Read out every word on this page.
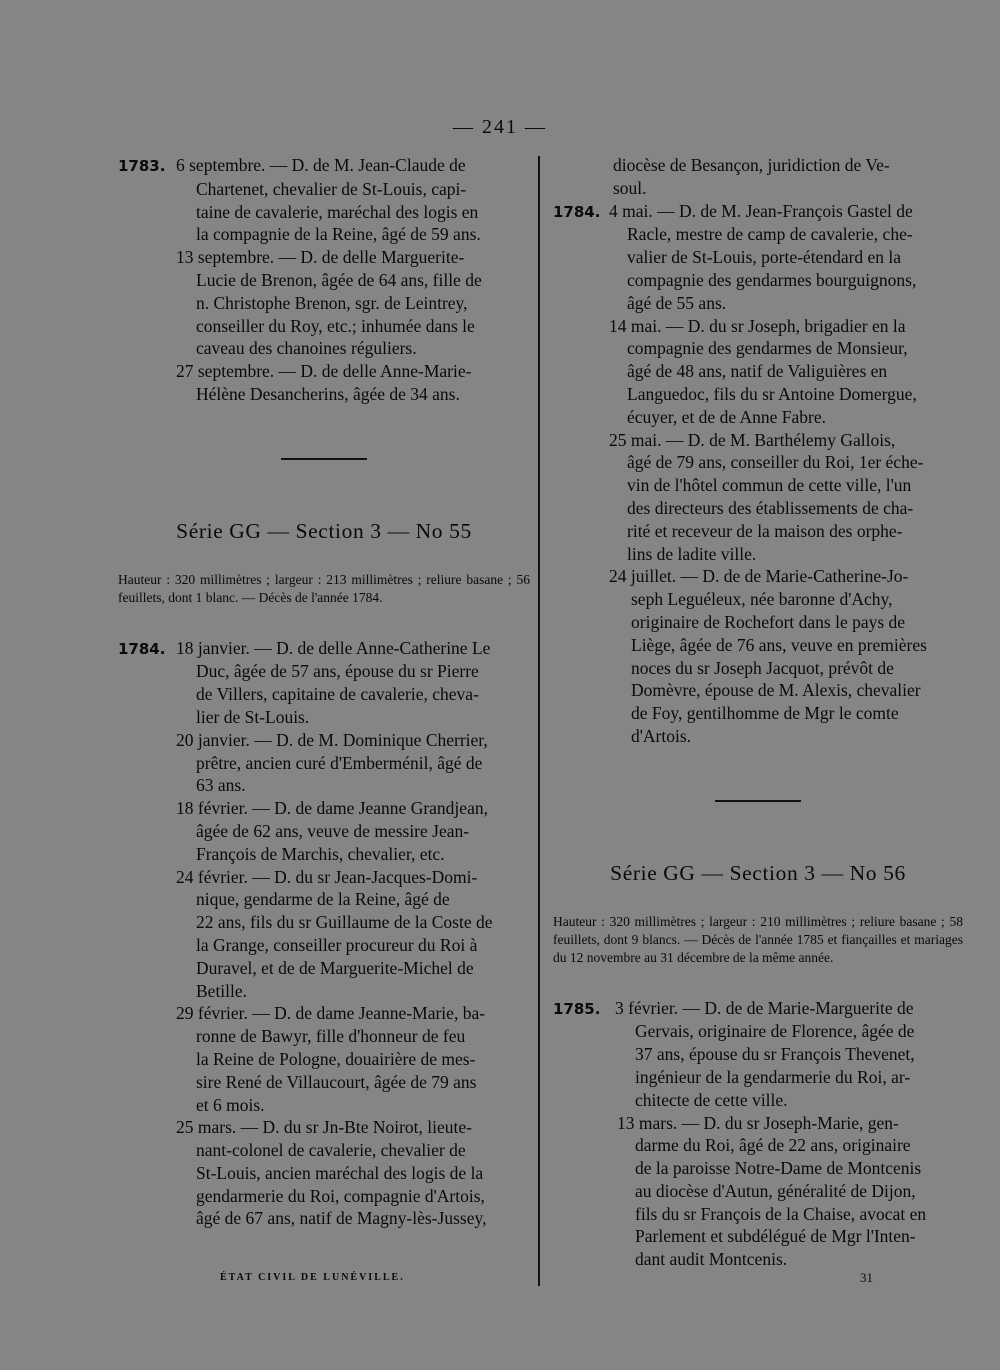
— 241 —
1783. 6 septembre. — D. de M. Jean-Claude de
Chartenet, chevalier de St-Louis, capi-
taine de cavalerie, maréchal des logis en
la compagnie de la Reine, âgé de 59 ans.
13 septembre. — D. de delle Marguerite-
Lucie de Brenon, âgée de 64 ans, fille de
n. Christophe Brenon, sgr. de Leintrey,
conseiller du Roy, etc.; inhumée dans le
caveau des chanoines réguliers.
27 septembre. — D. de delle Anne-Marie-
Hélène Desancherins, âgée de 34 ans.
Série GG — Section 3 — No 55
Hauteur : 320 millimètres ; largeur : 213 millimètres ; reliure basane ; 56 feuillets, dont 1 blanc. — Décès de l'année 1784.
1784. 18 janvier. — D. de delle Anne-Catherine Le
Duc, âgée de 57 ans, épouse du sr Pierre
de Villers, capitaine de cavalerie, cheva-
lier de St-Louis.
20 janvier. — D. de M. Dominique Cherrier,
prêtre, ancien curé d'Emberménil, âgé de
63 ans.
18 février. — D. de dame Jeanne Grandjean,
âgée de 62 ans, veuve de messire Jean-
François de Marchis, chevalier, etc.
24 février. — D. du sr Jean-Jacques-Domi-
nique, gendarme de la Reine, âgé de
22 ans, fils du sr Guillaume de la Coste de
la Grange, conseiller procureur du Roi à
Duravel, et de de Marguerite-Michel de
Betille.
29 février. — D. de dame Jeanne-Marie, ba-
ronne de Bawyr, fille d'honneur de feu
la Reine de Pologne, douairière de mes-
sire René de Villaucourt, âgée de 79 ans
et 6 mois.
25 mars. — D. du sr Jn-Bte Noirot, lieute-
nant-colonel de cavalerie, chevalier de
St-Louis, ancien maréchal des logis de la
gendarmerie du Roi, compagnie d'Artois,
âgé de 67 ans, natif de Magny-lès-Jussey,
diocèse de Besançon, juridiction de Ve-
soul.
1784. 4 mai. — D. de M. Jean-François Gastel de
Racle, mestre de camp de cavalerie, che-
valier de St-Louis, porte-étendard en la
compagnie des gendarmes bourguignons,
âgé de 55 ans.
14 mai. — D. du sr Joseph, brigadier en la
compagnie des gendarmes de Monsieur,
âgé de 48 ans, natif de Valiguières en
Languedoc, fils du sr Antoine Domergue,
écuyer, et de de Anne Fabre.
25 mai. — D. de M. Barthélemy Gallois,
âgé de 79 ans, conseiller du Roi, 1er éche-
vin de l'hôtel commun de cette ville, l'un
des directeurs des établissements de cha-
rité et receveur de la maison des orphe-
lins de ladite ville.
24 juillet. — D. de de Marie-Catherine-Jo-
seph Leguéleux, née baronne d'Achy,
originaire de Rochefort dans le pays de
Liège, âgée de 76 ans, veuve en premières
noces du sr Joseph Jacquot, prévôt de
Domèvre, épouse de M. Alexis, chevalier
de Foy, gentilhomme de Mgr le comte
d'Artois.
Série GG — Section 3 — No 56
Hauteur : 320 millimètres ; largeur : 210 millimètres ; reliure basane ; 58 feuillets, dont 9 blancs. — Décès de l'année 1785 et fiançailles et mariages du 12 novembre au 31 décembre de la même année.
1785. 3 février. — D. de de Marie-Marguerite de
Gervais, originaire de Florence, âgée de
37 ans, épouse du sr François Thevenet,
ingénieur de la gendarmerie du Roi, ar-
chitecte de cette ville.
13 mars. — D. du sr Joseph-Marie, gen-
darme du Roi, âgé de 22 ans, originaire
de la paroisse Notre-Dame de Montcenis
au diocèse d'Autun, généralité de Dijon,
fils du sr François de la Chaise, avocat en
Parlement et subdélégué de Mgr l'Inten-
dant audit Montcenis.
ÉTAT CIVIL DE LUNÉVILLE.	31
